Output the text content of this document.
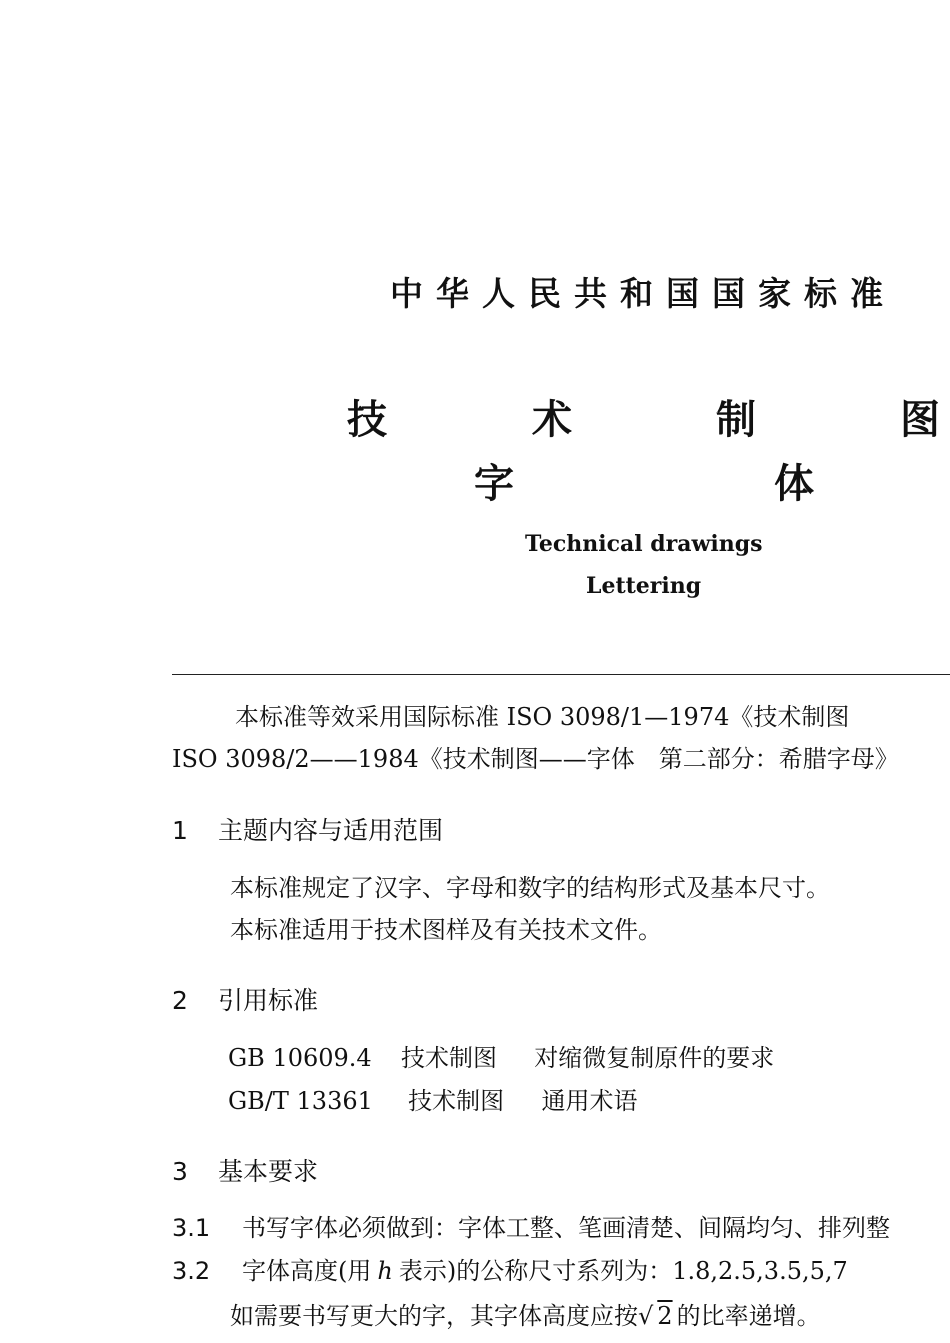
中华人民共和国国家标准
技	术	制	图
字	体
Technical drawings
Lettering
本标准等效采用国际标准 ISO 3098/1—1974《技术制图
ISO 3098/2——1984《技术制图——字体　第二部分：希腊字母》
1 主题内容与适用范围
本标准规定了汉字、字母和数字的结构形式及基本尺寸。
本标准适用于技术图样及有关技术文件。
2 引用标准
GB 10609.4 技术制图 对缩微复制原件的要求
GB/T 13361 技术制图 通用术语
3 基本要求
3.1 书写字体必须做到：字体工整、笔画清楚、间隔均匀、排列整
3.2 字体高度(用 h 表示)的公称尺寸系列为：1.8,2.5,3.5,5,7
如需要书写更大的字，其字体高度应按√ 2 的比率递增。
